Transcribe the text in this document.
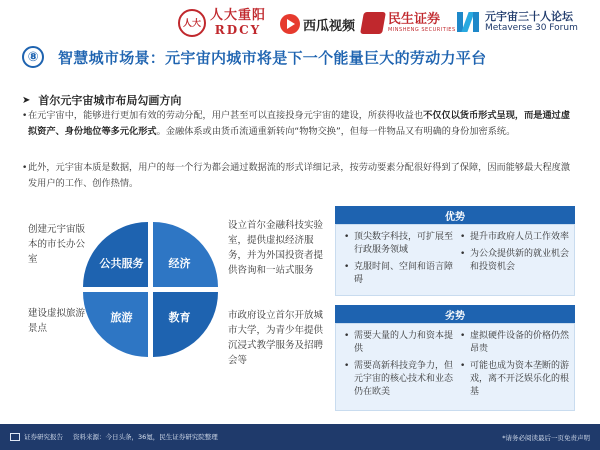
人大
人大重阳
RDCY	西瓜视频	民生证券
MINSHENG SECURITIES
元宇宙三十人论坛
Metaverse 30 Forum
⑧	智慧城市场景：元宇宙内城市将是下一个能量巨大的劳动力平台
➤ 首尔元宇宙城市布局勾画方向
• 在元宇宙中，能够进行更加有效的劳动分配，用户甚至可以直接投身元宇宙的建设，所获得收益也不仅仅以货币形式呈现，而是通过虚拟资产、身份地位等多元化形式。金融体系或由货币流通重新转向“物物交换”，但每一件物品又有明确的身份加密系统。
• 此外，元宇宙本质是数据，用户的每一个行为都会通过数据流的形式详细记录，按劳动要素分配很好得到了保障，因而能够最大程度激发用户的工作、创作热情。
创建元宇宙版本的市长办公室
建设虚拟旅游景点
设立首尔金融科技实验室，提供虚拟经济服务，并为外国投资者提供咨询和一站式服务
市政府设立首尔开放城市大学，为青少年提供沉浸式教学服务及招聘会等
公共服务 经济
旅游	教育
优势
• 顶尖数字科技，可扩展至行政服务领域
• 克服时间、空间和语言障碍
• 提升市政府人员工作效率
• 为公众提供新的就业机会和投资机会
劣势
• 需要大量的人力和资本提供
• 需要高新科技竞争力，但元宇宙的核心技术和业态仍在欧美
• 虚拟硬件设备的价格仍然昂贵
• 可能也成为资本垄断的游戏，离不开泛娱乐化的根基
证券研究报告 资料来源：今日头条，36氪，民生证券研究院整理	*请务必阅读最后一页免责声明
